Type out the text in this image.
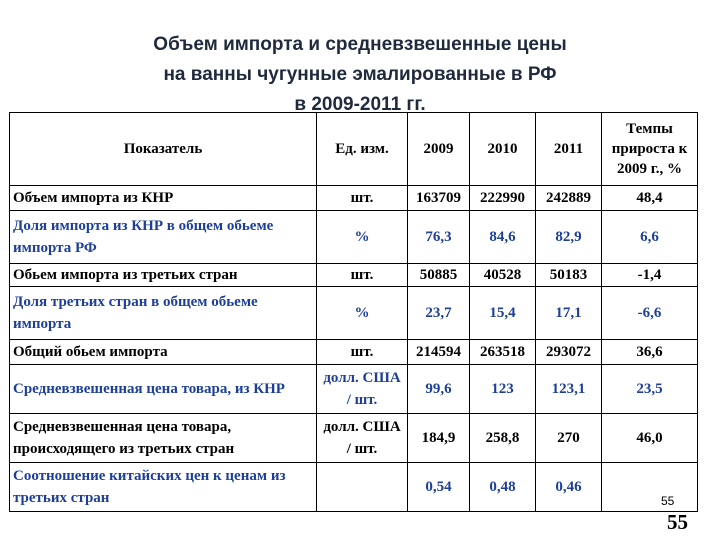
Объем импорта и средневзвешенные цены
на ванны чугунные эмалированные в РФ
в 2009-2011 гг.
Показатель	Ед. изм.	2009	2010	2011	Темпы прироста к 2009 г., %
Объем импорта из КНР	шт.	163709	222990	242889	48,4
Доля импорта из КНР в общем обьеме импорта РФ	%	76,3	84,6	82,9	6,6
Обьем импорта из третьих стран	шт.	50885	40528	50183	-1,4
Доля третьих стран в общем обьеме импорта	%	23,7	15,4	17,1	-6,6
Общий обьем импорта	шт.	214594	263518	293072	36,6
Средневзвешенная цена товара, из КНР	долл. США / шт.	99,6	123	123,1	23,5
Средневзвешенная цена товара, происходящего из третьих стран	долл. США / шт.	184,9	258,8	270	46,0
Соотношение китайских цен к ценам из третьих стран		0,54	0,48	0,46	
55
55
